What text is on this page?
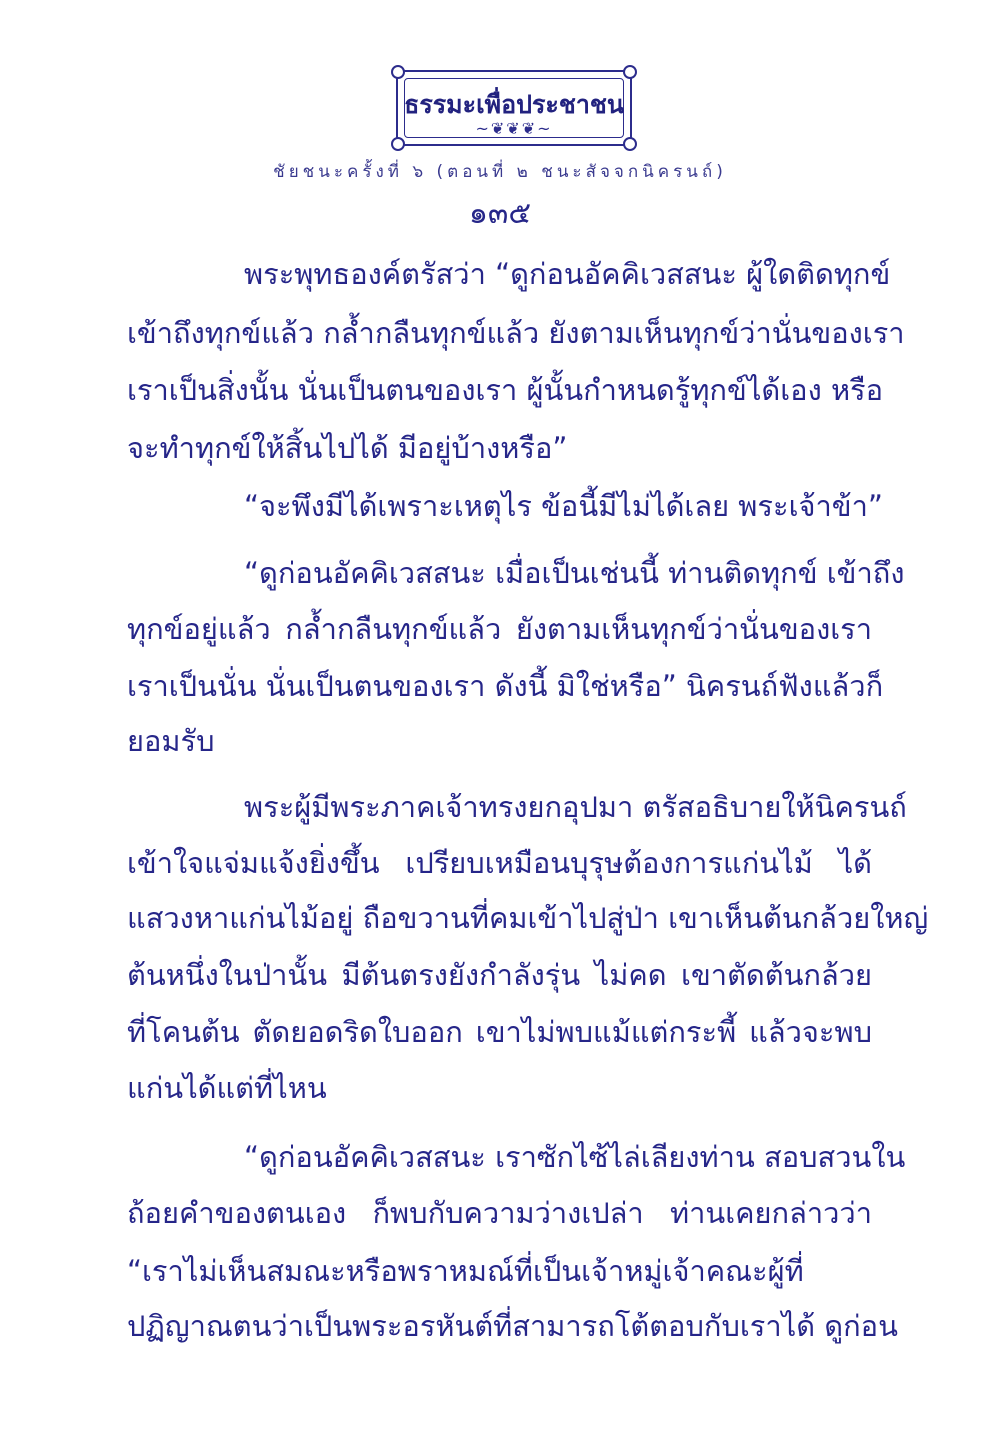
ธรรมะเพื่อประชาชน
~❦❦❦~
ชัยชนะครั้งที่ ๖ (ตอนที่ ๒ ชนะสัจจกนิครนถ์)
๑๓๕
พระพุทธองค์ตรัสว่า “ดูก่อนอัคคิเวสสนะ ผู้ใดติดทุกข์
เข้าถึงทุกข์แล้ว กล้ำกลืนทุกข์แล้ว ยังตามเห็นทุกข์ว่านั่นของเรา
เราเป็นสิ่งนั้น นั่นเป็นตนของเรา ผู้นั้นกำหนดรู้ทุกข์ได้เอง หรือ
จะทำทุกข์ให้สิ้นไปได้ มีอยู่บ้างหรือ”
“จะพึงมีได้เพราะเหตุไร ข้อนี้มีไม่ได้เลย พระเจ้าข้า”
“ดูก่อนอัคคิเวสสนะ เมื่อเป็นเช่นนี้ ท่านติดทุกข์ เข้าถึง
ทุกข์อยู่แล้ว กล้ำกลืนทุกข์แล้ว ยังตามเห็นทุกข์ว่านั่นของเรา
เราเป็นนั่น นั่นเป็นตนของเรา ดังนี้ มิใช่หรือ” นิครนถ์ฟังแล้วก็
ยอมรับ
พระผู้มีพระภาคเจ้าทรงยกอุปมา ตรัสอธิบายให้นิครนถ์
เข้าใจแจ่มแจ้งยิ่งขึ้น เปรียบเหมือนบุรุษต้องการแก่นไม้ ได้
แสวงหาแก่นไม้อยู่ ถือขวานที่คมเข้าไปสู่ป่า เขาเห็นต้นกล้วยใหญ่
ต้นหนึ่งในป่านั้น มีต้นตรงยังกำลังรุ่น ไม่คด เขาตัดต้นกล้วย
ที่โคนต้น ตัดยอดริดใบออก เขาไม่พบแม้แต่กระพี้ แล้วจะพบ
แก่นได้แต่ที่ไหน
“ดูก่อนอัคคิเวสสนะ เราซักไซ้ไล่เลียงท่าน สอบสวนใน
ถ้อยคำของตนเอง ก็พบกับความว่างเปล่า ท่านเคยกล่าวว่า
“เราไม่เห็นสมณะหรือพราหมณ์ที่เป็นเจ้าหมู่เจ้าคณะผู้ที่
ปฏิญาณตนว่าเป็นพระอรหันต์ที่สามารถโต้ตอบกับเราได้ ดูก่อน
